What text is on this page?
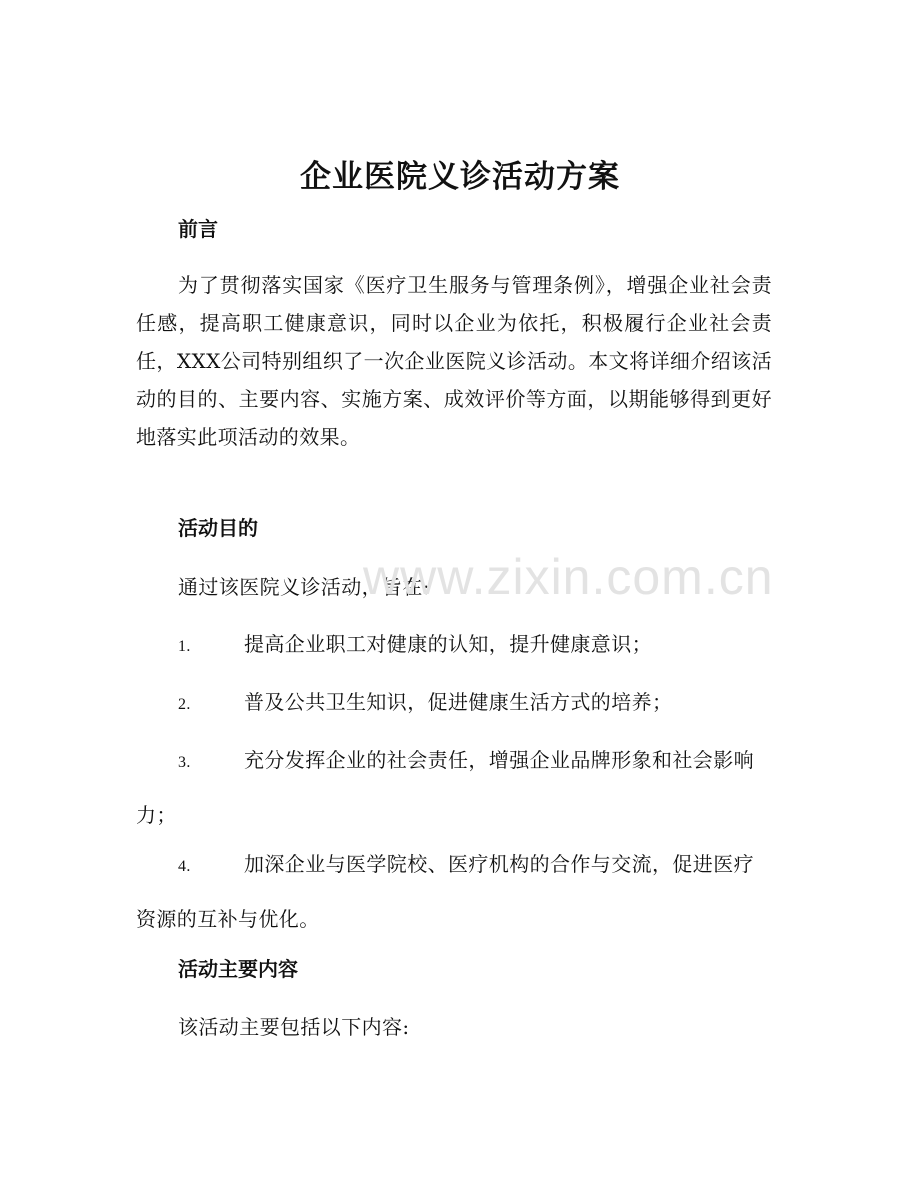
企业医院义诊活动方案
前言
为了贯彻落实国家《医疗卫生服务与管理条例》，增强企业社会责任感，提高职工健康意识，同时以企业为依托，积极履行企业社会责任，XXX公司特别组织了一次企业医院义诊活动。本文将详细介绍该活动的目的、主要内容、实施方案、成效评价等方面，以期能够得到更好地落实此项活动的效果。
活动目的
通过该医院义诊活动，旨在:
1.	提高企业职工对健康的认知，提升健康意识；
2.	普及公共卫生知识，促进健康生活方式的培养；
3.	充分发挥企业的社会责任，增强企业品牌形象和社会影响力；
4.	加深企业与医学院校、医疗机构的合作与交流，促进医疗资源的互补与优化。
活动主要内容
该活动主要包括以下内容:
www.zixin.com.cn
